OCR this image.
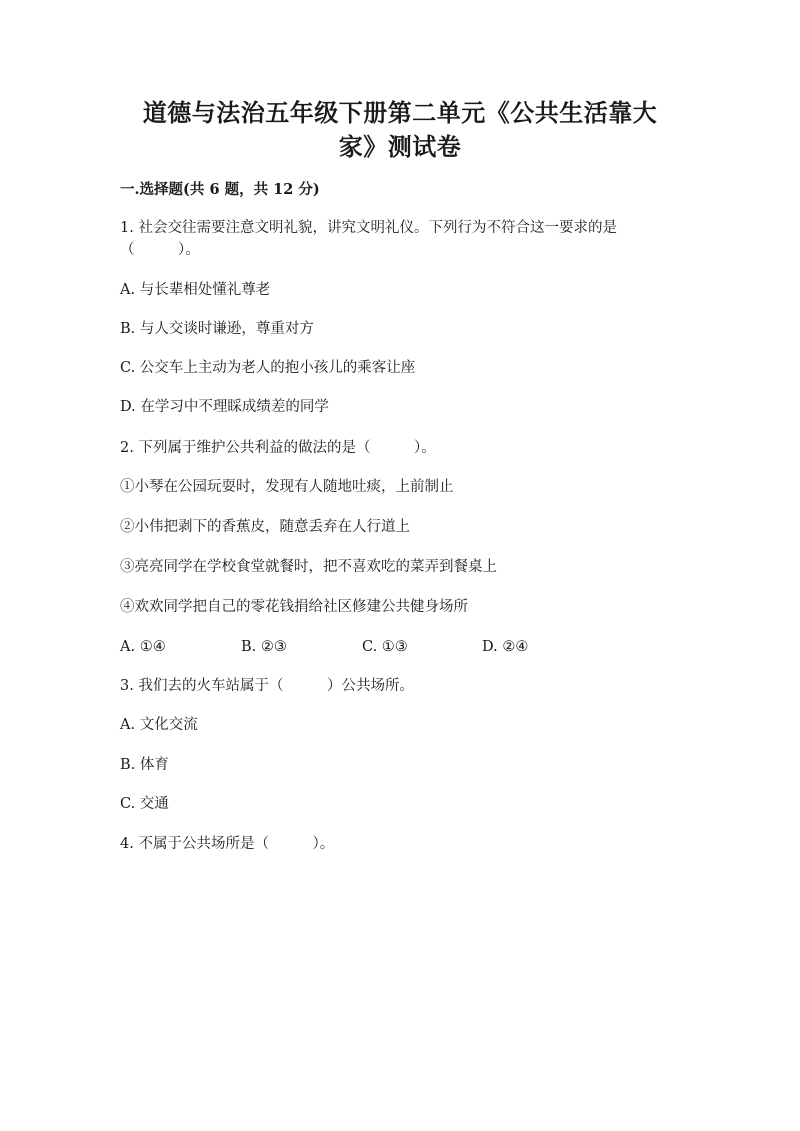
道德与法治五年级下册第二单元《公共生活靠大
家》测试卷
一.选择题(共 6 题，共 12 分)
1. 社会交往需要注意文明礼貌，讲究文明礼仪。下列行为不符合这一要求的是
（　　　）。
A. 与长辈相处懂礼尊老
B. 与人交谈时谦逊，尊重对方
C. 公交车上主动为老人的抱小孩儿的乘客让座
D. 在学习中不理睬成绩差的同学
2. 下列属于维护公共利益的做法的是（　　　）。
①小琴在公园玩耍时，发现有人随地吐痰，上前制止
②小伟把剥下的香蕉皮，随意丢弃在人行道上
③亮亮同学在学校食堂就餐时，把不喜欢吃的菜弄到餐桌上
④欢欢同学把自己的零花钱捐给社区修建公共健身场所
A. ①④	B. ②③	C. ①③	D. ②④
3. 我们去的火车站属于（　　　）公共场所。
A. 文化交流
B. 体育
C. 交通
4. 不属于公共场所是（　　　）。
